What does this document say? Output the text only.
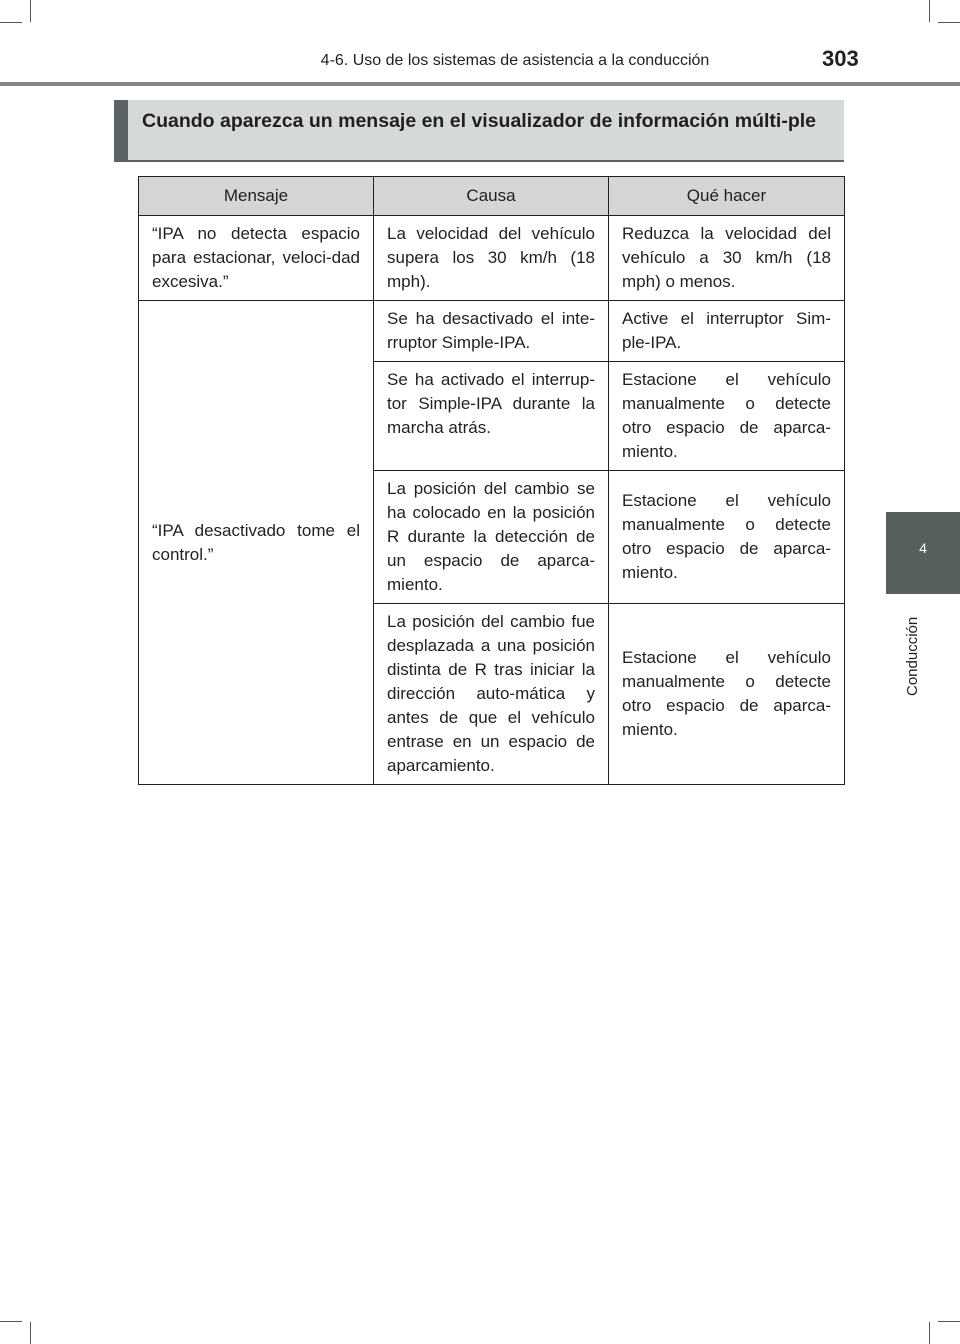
4-6. Uso de los sistemas de asistencia a la conducción	303
4
Conducción
Cuando aparezca un mensaje en el visualizador de información múlti-ple
Mensaje	Causa	Qué hacer
“IPA no detecta espacio para estacionar, veloci-dad excesiva.”	La velocidad del vehículo supera los 30 km/h (18 mph).	Reduzca la velocidad del vehículo a 30 km/h (18 mph) o menos.
“IPA desactivado tome el control.”	Se ha desactivado el inte-rruptor Simple-IPA.	Active el interruptor Sim-ple-IPA.
	Se ha activado el interrup-tor Simple-IPA durante la marcha atrás.	Estacione el vehículo manualmente o detecte otro espacio de aparca-miento.
	La posición del cambio se ha colocado en la posición R durante la detección de un espacio de aparca-miento.	Estacione el vehículo manualmente o detecte otro espacio de aparca-miento.
	La posición del cambio fue desplazada a una posición distinta de R tras iniciar la dirección auto-mática y antes de que el vehículo entrase en un espacio de aparcamiento.	Estacione el vehículo manualmente o detecte otro espacio de aparca-miento.
